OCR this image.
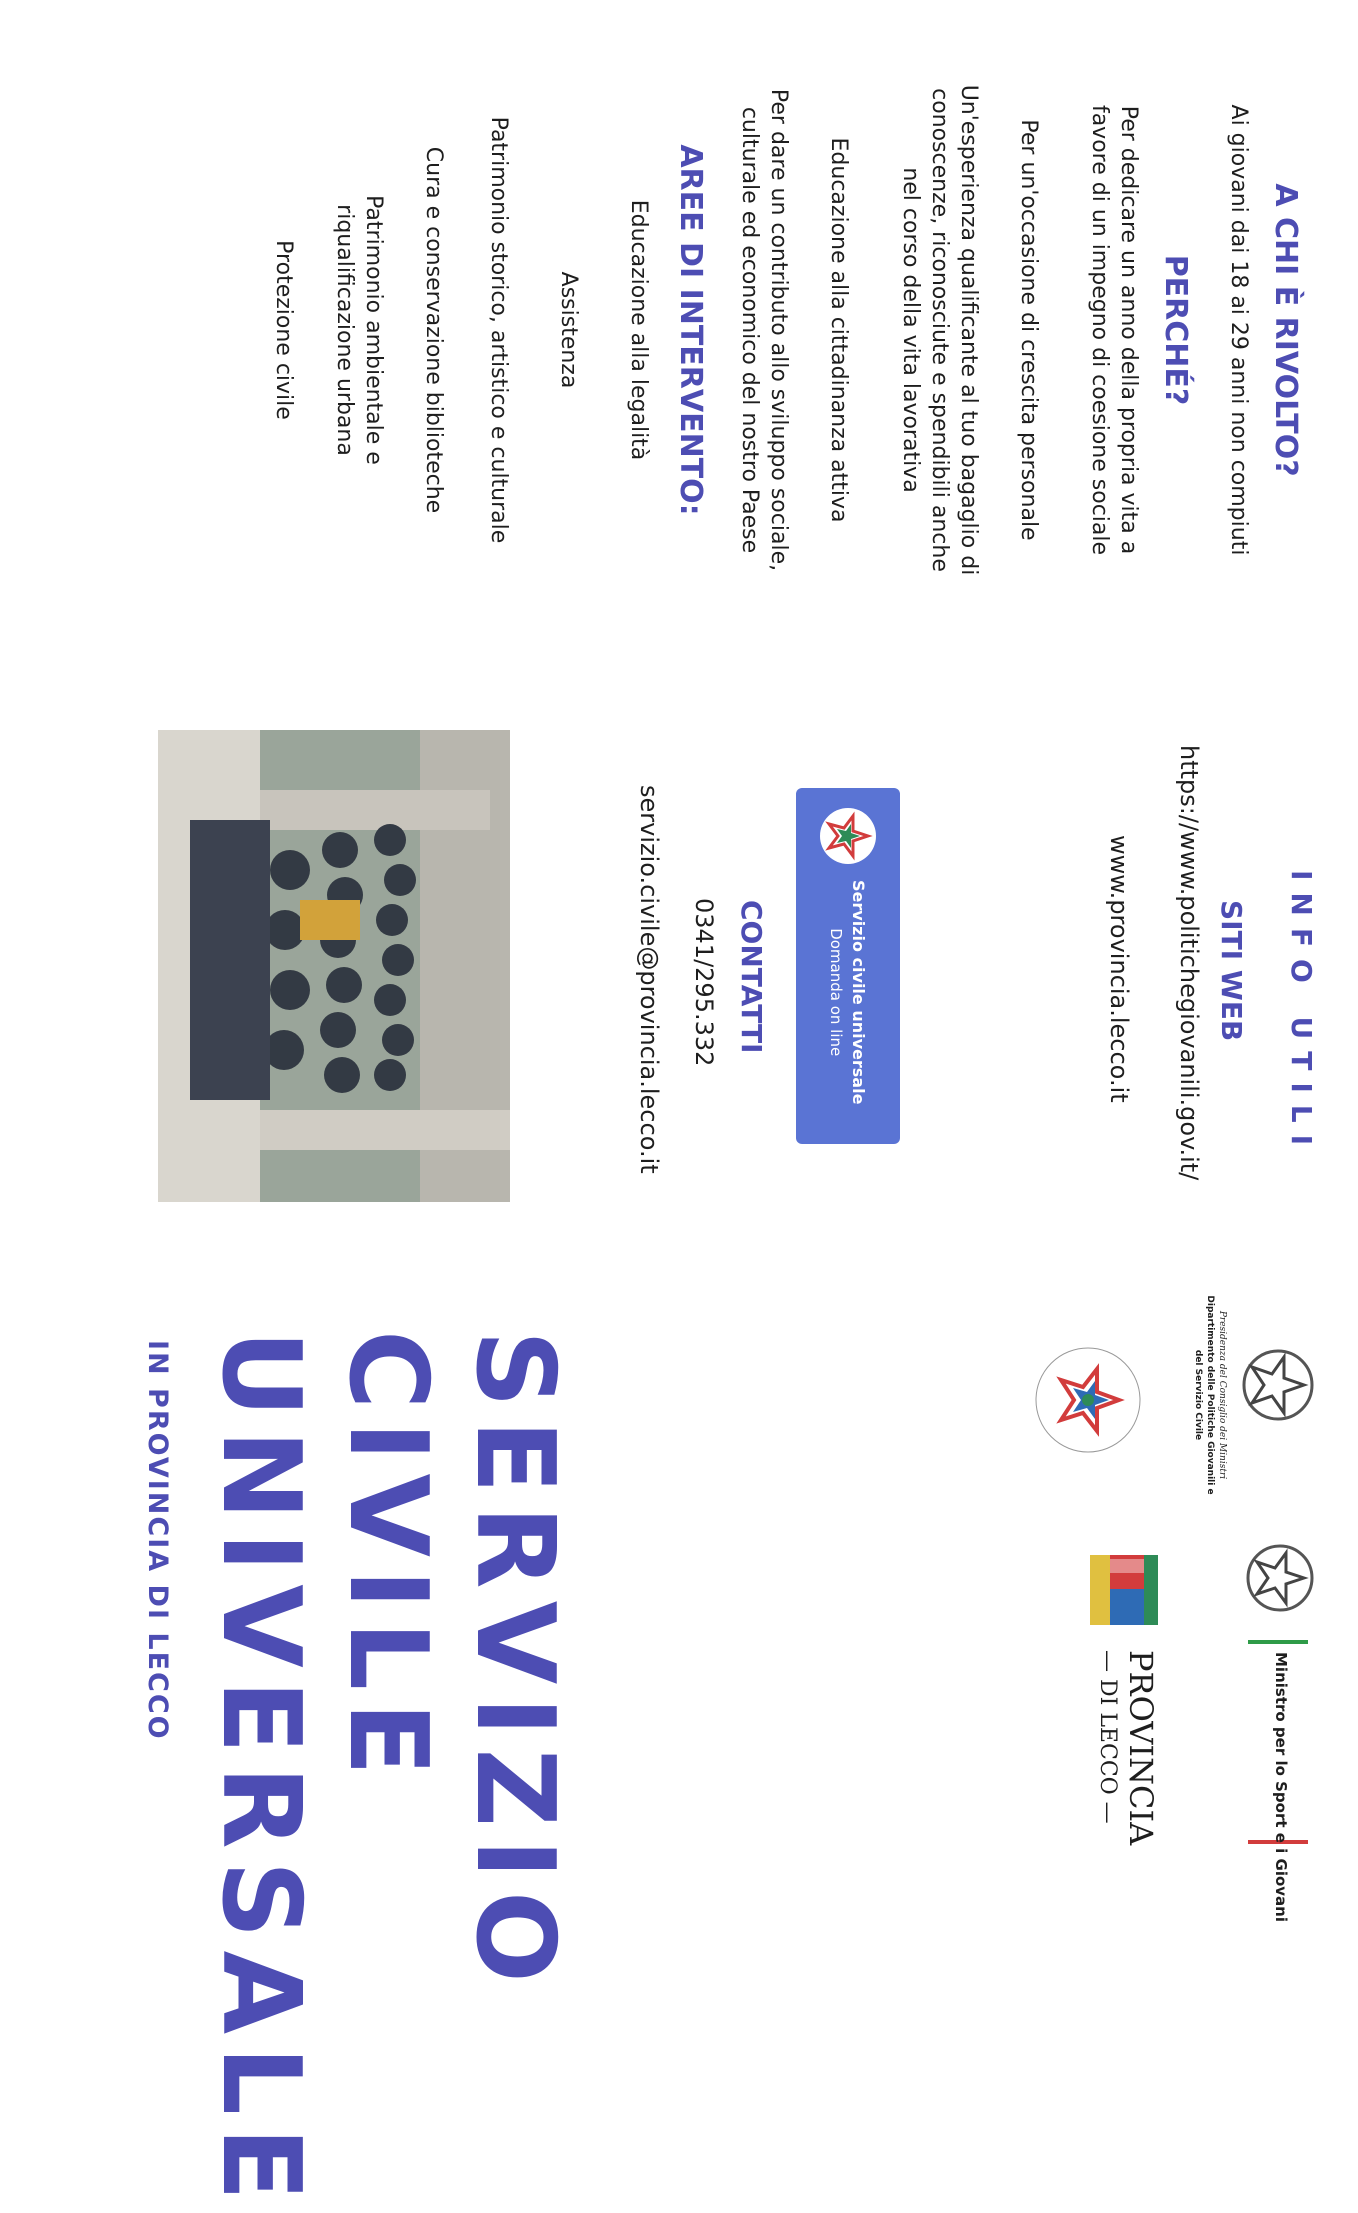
A CHI È RIVOLTO?

Ai giovani dai 18 ai 29 anni non compiuti

PERCHÉ?

Per dedicare un anno della propria vita a favore di un impegno di coesione sociale

Per un'occasione di crescita personale

Un'esperienza qualificante al tuo bagaglio di conoscenze, riconosciute e spendibili anche nel corso della vita lavorativa

Educazione alla cittadinanza attiva

Per dare un contributo allo sviluppo sociale, culturale ed economico del nostro Paese

AREE DI INTERVENTO:

Educazione alla legalità

Assistenza

Patrimonio storico, artistico e culturale

Cura e conservazione biblioteche

Patrimonio ambientale e riqualificazione urbana

Protezione civile

INFO UTILI

SITI WEB

https://www.politichegiovanili.gov.it/

www.provincia.lecco.it

Servizio civile universale
Domanda on line

CONTATTI

0341/295.332

servizio.civile@provincia.lecco.it

Presidenza del Consiglio dei Ministri
Dipartimento delle Politiche Giovanili e del Servizio Civile
Ministro per lo Sport e i Giovani
PROVINCIA
— DI LECCO —
SERVIZIO
CIVILE
UNIVERSALE
IN PROVINCIA DI LECCO
